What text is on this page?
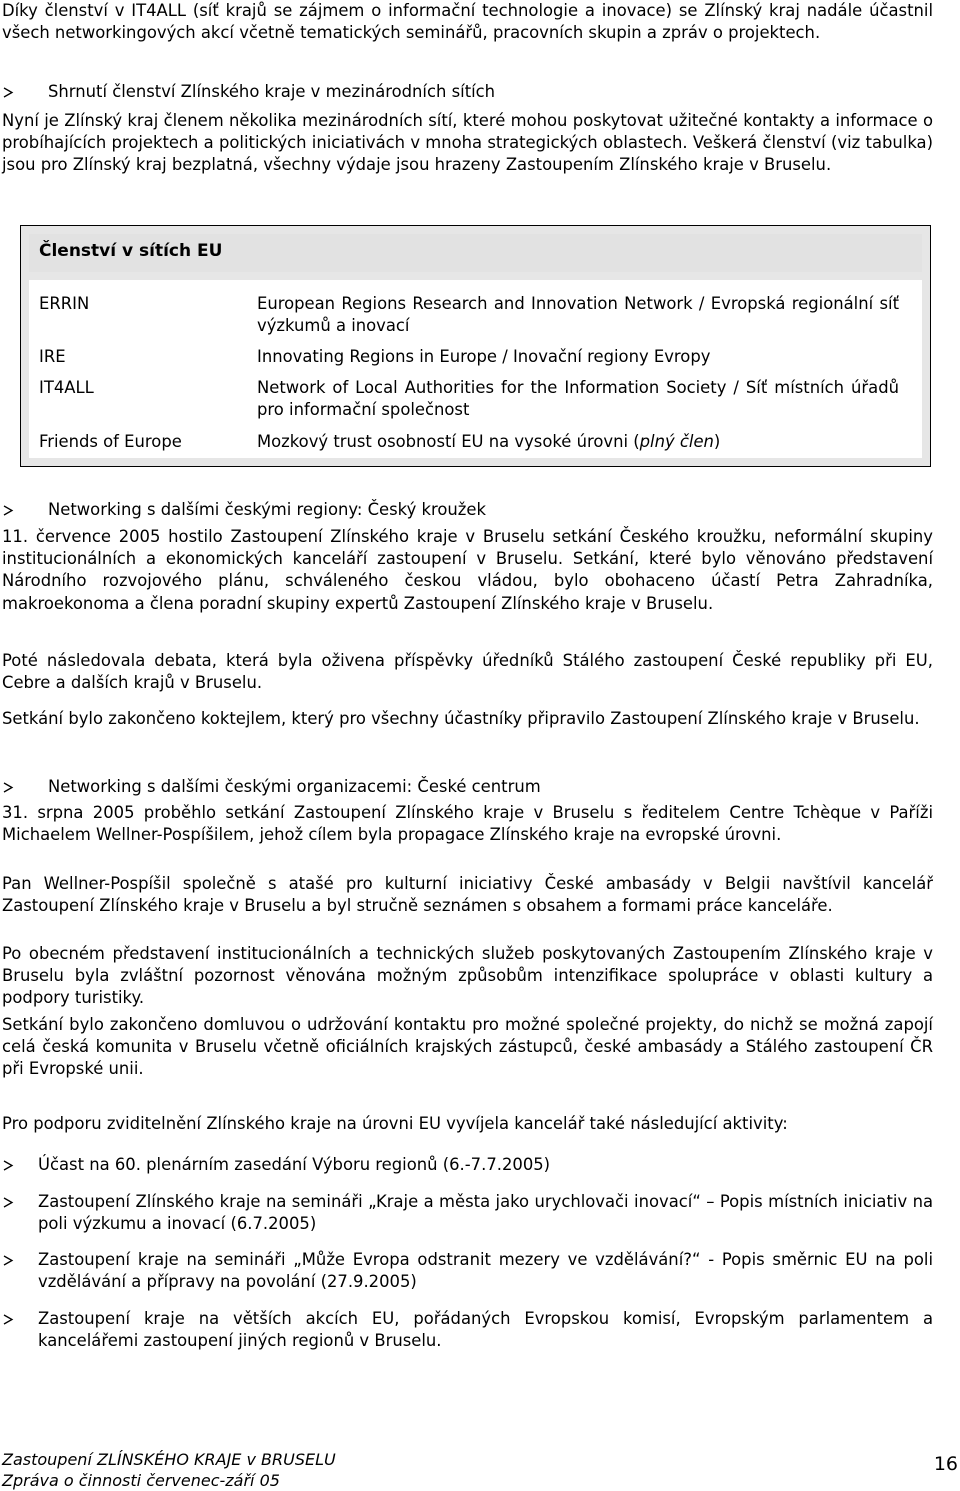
Díky členství v IT4ALL (síť krajů se zájmem o informační technologie a inovace) se Zlínský kraj nadále účastnil všech networkingových akcí včetně tematických seminářů, pracovních skupin a zpráv o projektech.

Shrnutí členství Zlínského kraje v mezinárodních sítích

Nyní je Zlínský kraj členem několika mezinárodních sítí, které mohou poskytovat užitečné kontakty a informace o probíhajících projektech a politických iniciativách v mnoha strategických oblastech. Veškerá členství (viz tabulka) jsou pro Zlínský kraj bezplatná, všechny výdaje jsou hrazeny Zastoupením Zlínského kraje v Bruselu.

Členství v sítích EU
ERRIN	European Regions Research and Innovation Network / Evropská regionální síť výzkumů a inovací
IRE	Innovating Regions in Europe / Inovační regiony Evropy
IT4ALL	Network of Local Authorities for the Information Society / Síť místních úřadů pro informační společnost
Friends of Europe	Mozkový trust osobností EU na vysoké úrovni (plný člen)
Networking s dalšími českými regiony: Český kroužek

11. července 2005 hostilo Zastoupení Zlínského kraje v Bruselu setkání Českého kroužku, neformální skupiny institucionálních a ekonomických kanceláří zastoupení v Bruselu. Setkání, které bylo věnováno představení Národního rozvojového plánu, schváleného českou vládou, bylo obohaceno účastí Petra Zahradníka, makroekonoma a člena poradní skupiny expertů Zastoupení Zlínského kraje v Bruselu.

Poté následovala debata, která byla oživena příspěvky úředníků Stálého zastoupení České republiky při EU, Cebre a dalších krajů v Bruselu.

Setkání bylo zakončeno koktejlem, který pro všechny účastníky připravilo Zastoupení Zlínského kraje v Bruselu.

Networking s dalšími českými organizacemi: České centrum

31. srpna 2005 proběhlo setkání Zastoupení Zlínského kraje v Bruselu s ředitelem Centre Tchèque v Paříži Michaelem Wellner-Pospíšilem, jehož cílem byla propagace Zlínského kraje na evropské úrovni.

Pan Wellner-Pospíšil společně s atašé pro kulturní iniciativy České ambasády v Belgii navštívil kancelář Zastoupení Zlínského kraje v Bruselu a byl stručně seznámen s obsahem a formami práce kanceláře.

Po obecném představení institucionálních a technických služeb poskytovaných Zastoupením Zlínského kraje v Bruselu byla zvláštní pozornost věnována možným způsobům intenzifikace spolupráce v oblasti kultury a podpory turistiky.

Setkání bylo zakončeno domluvou o udržování kontaktu pro možné společné projekty, do nichž se možná zapojí celá česká komunita v Bruselu včetně oficiálních krajských zástupců, české ambasády a Stálého zastoupení ČR při Evropské unii.

Pro podporu zviditelnění Zlínského kraje na úrovni EU vyvíjela kancelář také následující aktivity:

Účast na 60. plenárním zasedání Výboru regionů (6.-7.7.2005)
Zastoupení Zlínského kraje na semináři „Kraje a města jako urychlovači inovací“ – Popis místních iniciativ na poli výzkumu a inovací (6.7.2005)
Zastoupení kraje na semináři „Může Evropa odstranit mezery ve vzdělávání?“ - Popis směrnic EU na poli vzdělávání a přípravy na povolání (27.9.2005)
Zastoupení kraje na větších akcích EU, pořádaných Evropskou komisí, Evropským parlamentem a kancelářemi zastoupení jiných regionů v Bruselu.
Zastoupení ZLÍNSKÉHO KRAJE v BRUSELU
Zpráva o činnosti červenec-září 05
16
